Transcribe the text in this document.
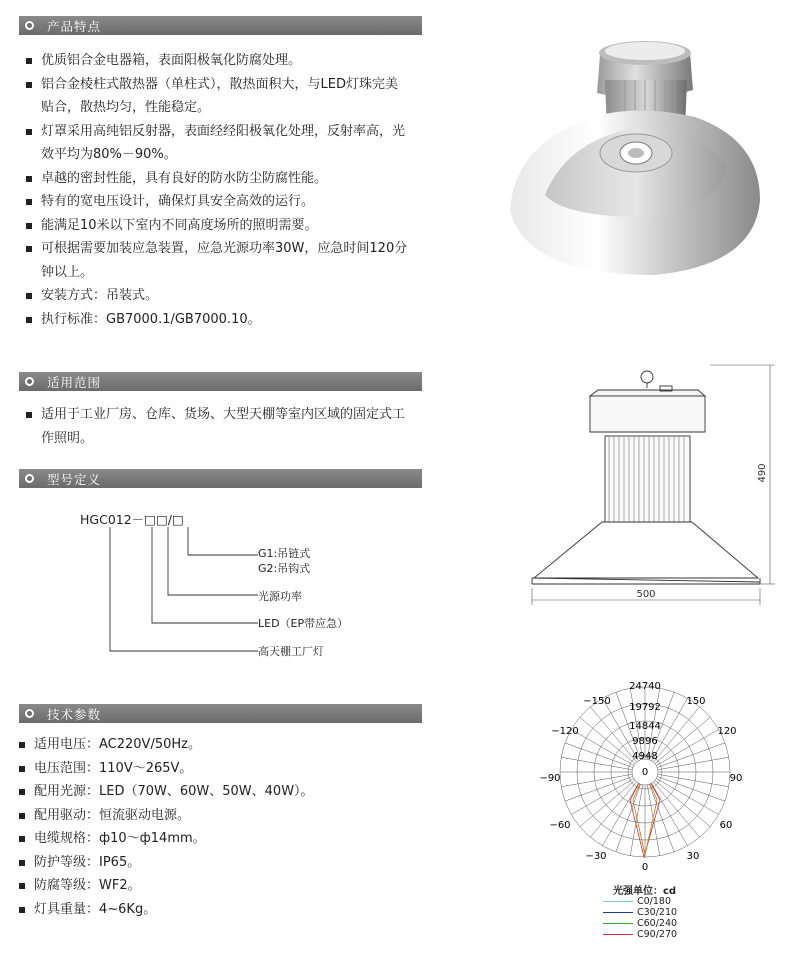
产品特点
优质铝合金电器箱，表面阳极氧化防腐处理。
铝合金棱柱式散热器（单柱式），散热面积大，与LED灯珠完美
贴合，散热均匀，性能稳定。
灯罩采用高纯铝反射器，表面经经阳极氧化处理，反射率高，光
效平均为80%－90%。
卓越的密封性能，具有良好的防水防尘防腐性能。
特有的宽电压设计，确保灯具安全高效的运行。
能满足10米以下室内不同高度场所的照明需要。
可根据需要加装应急装置，应急光源功率30W，应急时间120分
钟以上。
安装方式：吊装式。
执行标准：GB7000.1/GB7000.10。
适用范围
适用于工业厂房、仓库、货场、大型天棚等室内区域的固定式工
作照明。
型号定义
HGC012－□□/□
G1:吊链式
G2:吊钩式
光源功率
LED（EP带应急）
高天棚工厂灯
490
500
技术参数
适用电压：AC220V/50Hz。
电压范围：110V～265V。
配用光源：LED（70W、60W、50W、40W）。
配用驱动：恒流驱动电源。
电缆规格：ф10～ф14mm。
防护等级：IP65。
防腐等级：WF2。
灯具重量：4~6Kg。
24740
19792
14844
9896
4948
0
−150	150
−120	120
−90	90
−60	60
−30	30
0
光强单位：cd
C0/180
C30/210
C60/240
C90/270
